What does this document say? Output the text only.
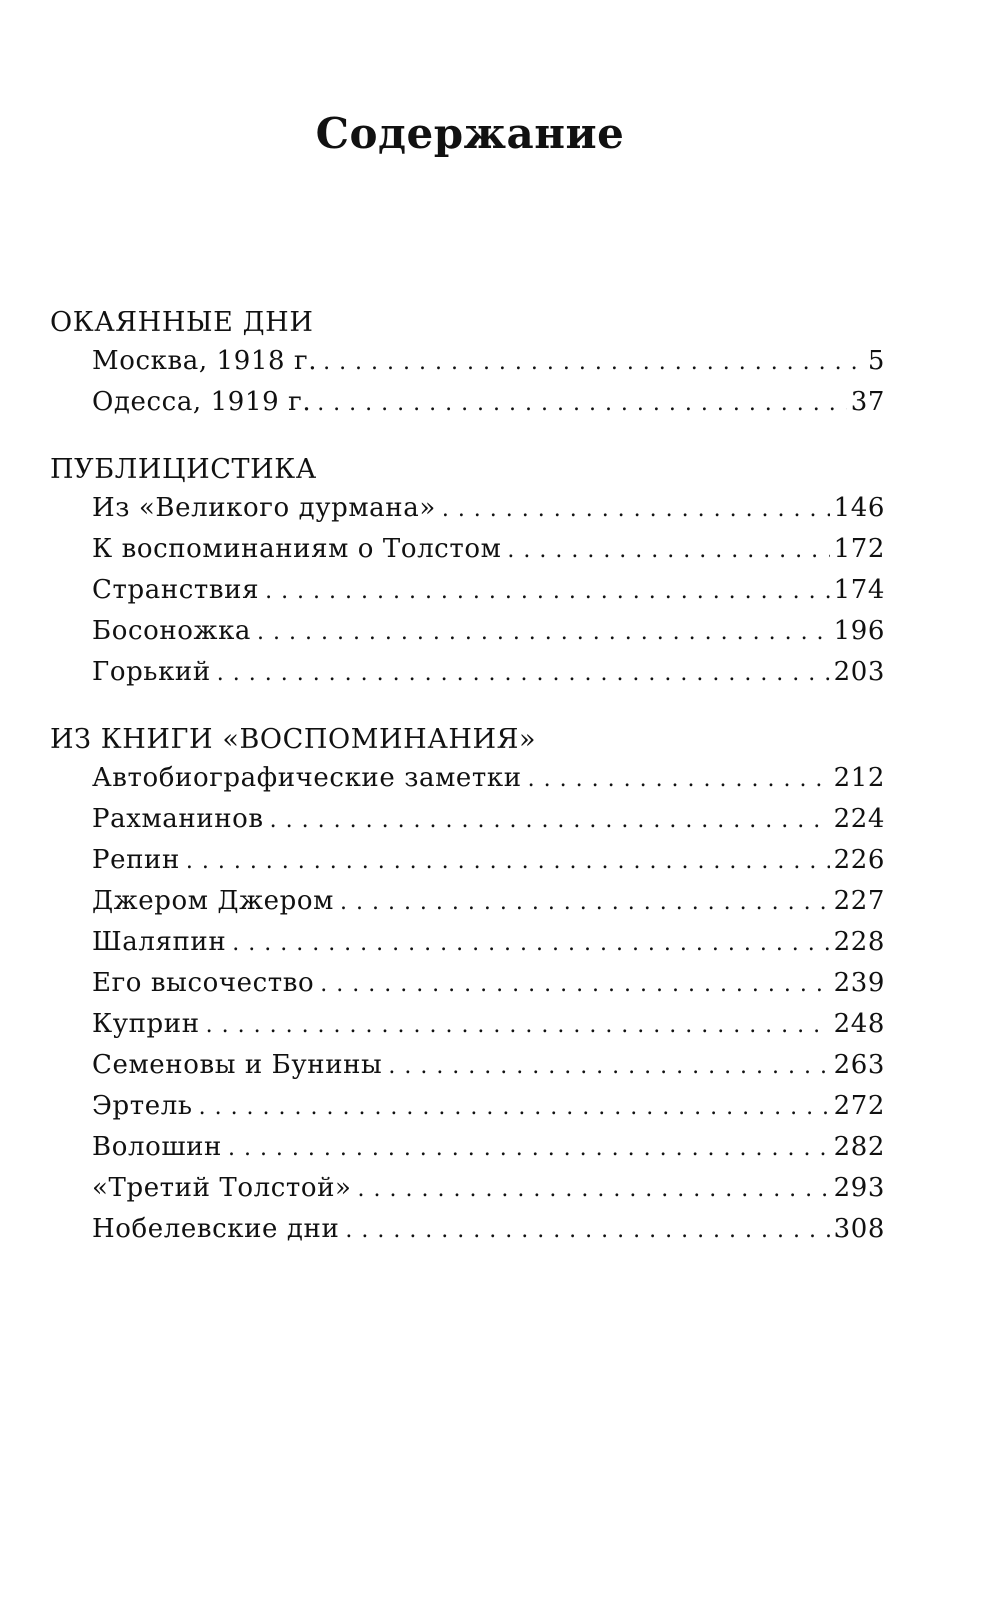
Содержание
ОКАЯННЫЕ ДНИ
Москва, 1918 г. . . .	5
Одесса, 1919 г. . . .	37
ПУБЛИЦИСТИКА
Из «Великого дурмана» . . .	146
К воспоминаниям о Толстом . . .	172
Странствия . . .	174
Босоножка . . .	196
Горький . . .	203
ИЗ КНИГИ «ВОСПОМИНАНИЯ»
Автобиографические заметки . . .	212
Рахманинов . . .	224
Репин . . .	226
Джером Джером . . .	227
Шаляпин . . .	228
Его высочество . . .	239
Куприн . . .	248
Семеновы и Бунины . . .	263
Эртель . . .	272
Волошин . . .	282
«Третий Толстой» . . .	293
Нобелевские дни . . .	308
